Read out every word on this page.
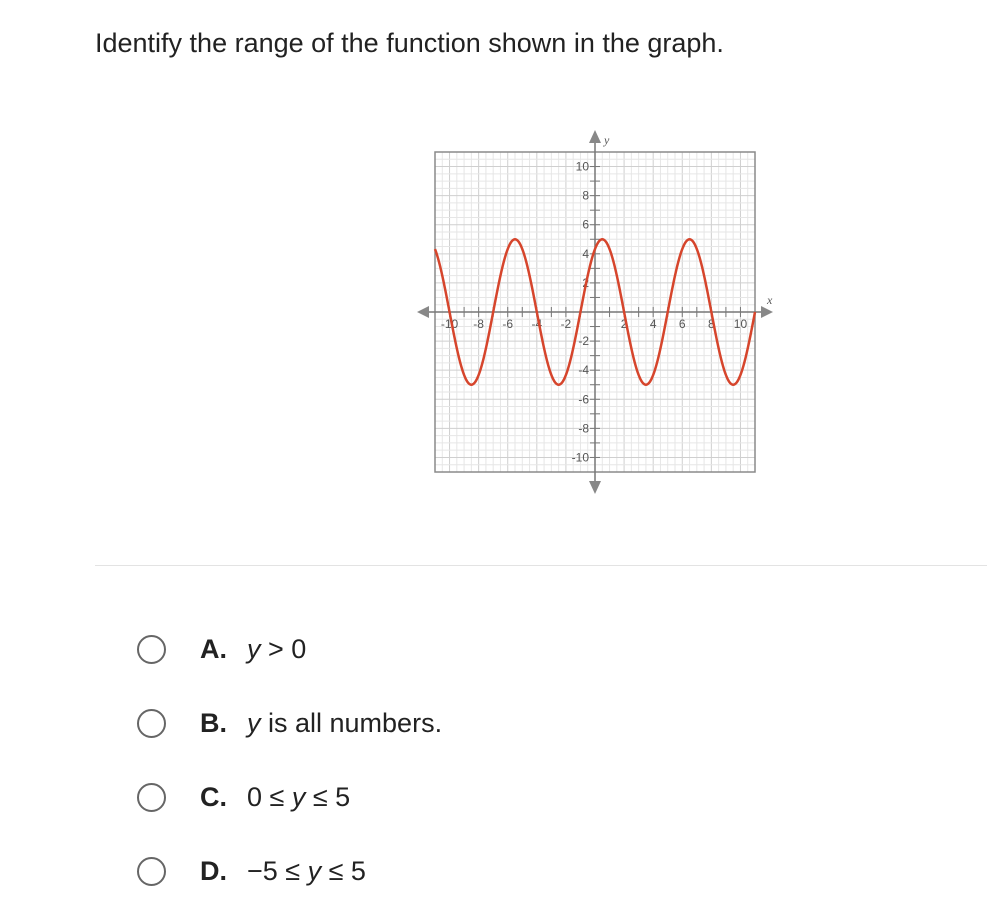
Identify the range of the function shown in the graph.
-10 -8 -6 -4 -2	2 4 6 8 10
10
8
6
4
2
-2
-4
-6
-8
-10
x
y
A. y > 0
B. y is all numbers.
C. 0 ≤ y ≤ 5
D. −5 ≤ y ≤ 5
